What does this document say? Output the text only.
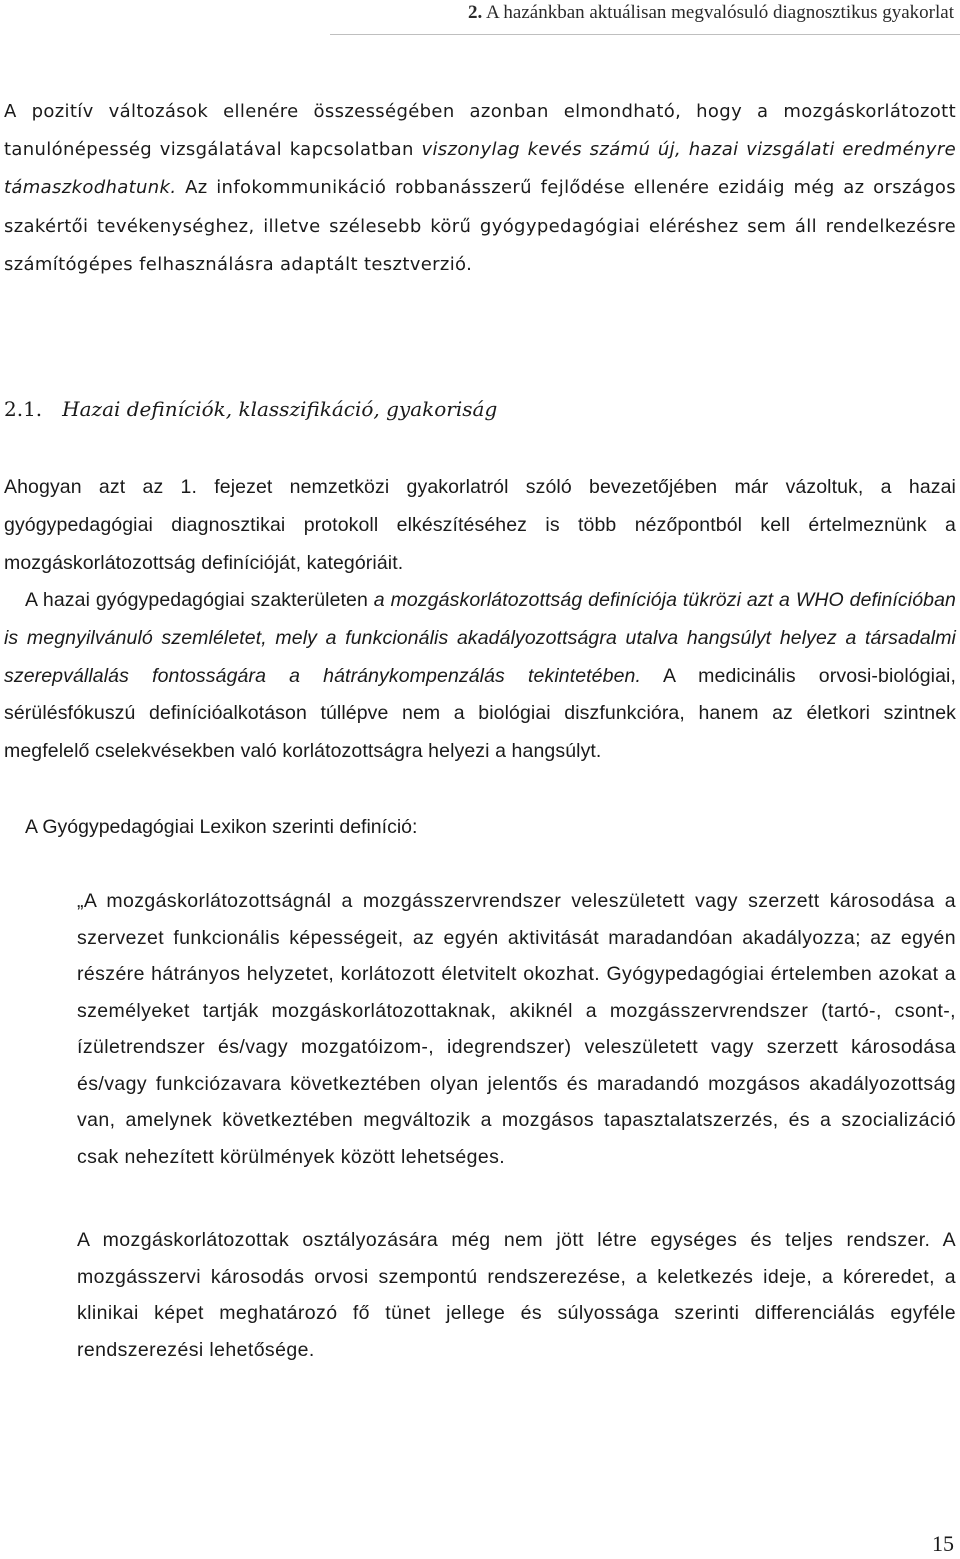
2. A hazánkban aktuálisan megvalósuló diagnosztikus gyakorlat

A pozitív változások ellenére összességében azonban elmondható, hogy a mozgáskorlátozott tanulónépesség vizsgálatával kapcsolatban viszonylag kevés számú új, hazai vizsgálati eredményre támaszkodhatunk. Az infokommunikáció robbanásszerű fejlődése ellenére ezidáig még az országos szakértői tevékenységhez, illetve szélesebb körű gyógypedagógiai eléréshez sem áll rendelkezésre számítógépes felhasználásra adaptált tesztverzió.

2.1. Hazai definíciók, klasszifikáció, gyakoriság

Ahogyan azt az 1. fejezet nemzetközi gyakorlatról szóló bevezetőjében már vázoltuk, a hazai gyógypedagógiai diagnosztikai protokoll elkészítéséhez is több nézőpontból kell értelmeznünk a mozgáskorlátozottság definícióját, kategóriáit.

A hazai gyógypedagógiai szakterületen a mozgáskorlátozottság definíciója tükrözi azt a WHO definícióban is megnyilvánuló szemléletet, mely a funkcionális akadályozottságra utalva hangsúlyt helyez a társadalmi szerepvállalás fontosságára a hátránykompenzálás tekintetében. A medicinális orvosi-biológiai, sérülésfókuszú definícióalkotáson túllépve nem a biológiai diszfunkcióra, hanem az életkori szintnek megfelelő cselekvésekben való korlátozottságra helyezi a hangsúlyt.

A Gyógypedagógiai Lexikon szerinti definíció:

„A mozgáskorlátozottságnál a mozgásszervrendszer veleszületett vagy szerzett károsodása a szervezet funkcionális képességeit, az egyén aktivitását maradandóan akadályozza; az egyén részére hátrányos helyzetet, korlátozott életvitelt okozhat. Gyógypedagógiai értelemben azokat a személyeket tartják mozgáskorlátozottaknak, akiknél a mozgásszervrendszer (tartó-, csont-, ízületrendszer és/vagy mozgatóizom-, idegrendszer) veleszületett vagy szerzett károsodása és/vagy funkciózavara következtében olyan jelentős és maradandó mozgásos akadályozottság van, amelynek következtében megváltozik a mozgásos tapasztalatszerzés, és a szocializáció csak nehezített körülmények között lehetséges.

A mozgáskorlátozottak osztályozására még nem jött létre egységes és teljes rendszer. A mozgásszervi károsodás orvosi szempontú rendszerezése, a keletkezés ideje, a kóreredet, a klinikai képet meghatározó fő tünet jellege és súlyossága szerinti differenciálás egyféle rendszerezési lehetősége.

15
